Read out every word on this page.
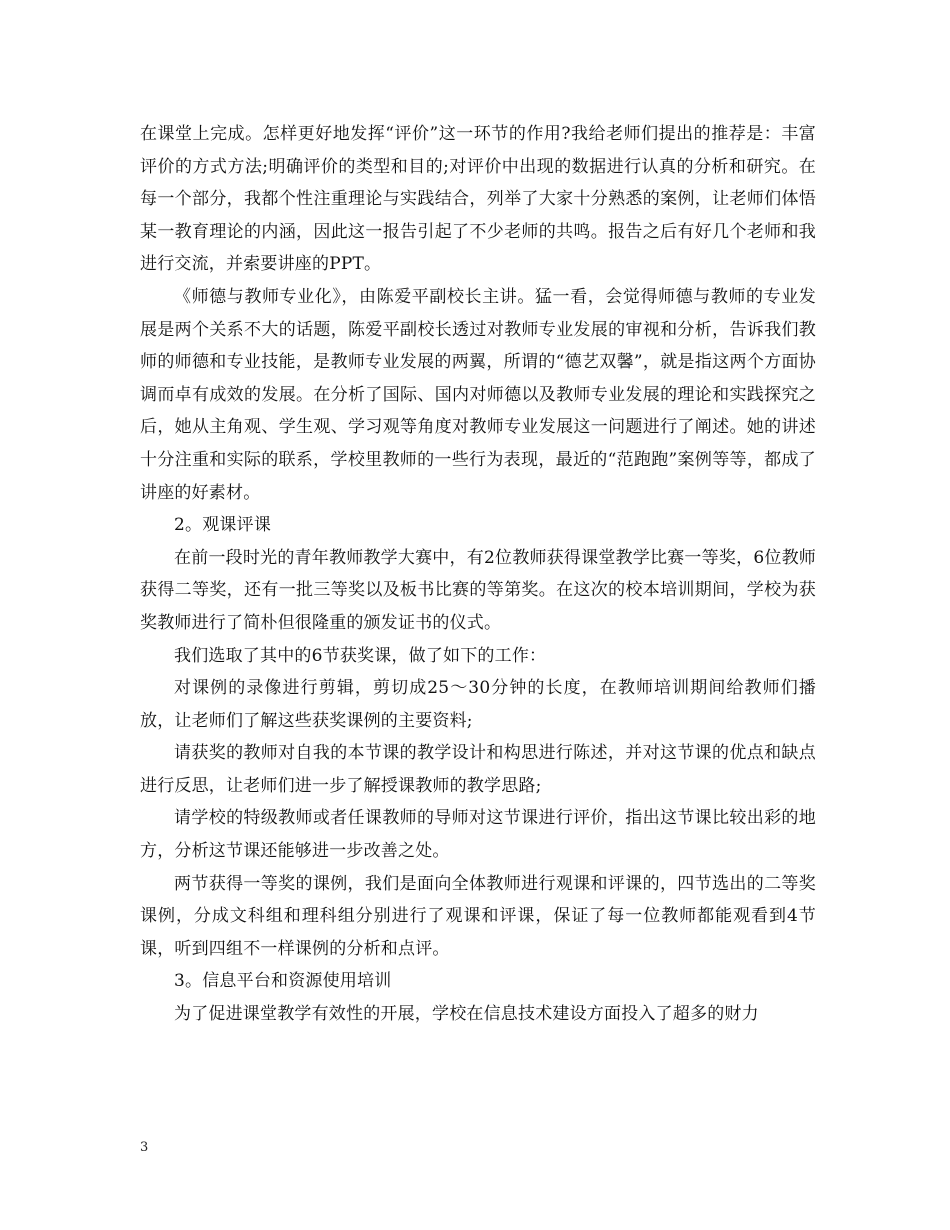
在课堂上完成。怎样更好地发挥“评价”这一环节的作用?我给老师们提出的推荐是：丰富评价的方式方法;明确评价的类型和目的;对评价中出现的数据进行认真的分析和研究。在每一个部分，我都个性注重理论与实践结合，列举了大家十分熟悉的案例，让老师们体悟某一教育理论的内涵，因此这一报告引起了不少老师的共鸣。报告之后有好几个老师和我进行交流，并索要讲座的PPT。

《师德与教师专业化》，由陈爱平副校长主讲。猛一看，会觉得师德与教师的专业发展是两个关系不大的话题，陈爱平副校长透过对教师专业发展的审视和分析，告诉我们教师的师德和专业技能，是教师专业发展的两翼，所谓的“德艺双馨”，就是指这两个方面协调而卓有成效的发展。在分析了国际、国内对师德以及教师专业发展的理论和实践探究之后，她从主角观、学生观、学习观等角度对教师专业发展这一问题进行了阐述。她的讲述十分注重和实际的联系，学校里教师的一些行为表现，最近的“范跑跑”案例等等，都成了讲座的好素材。

2。观课评课

在前一段时光的青年教师教学大赛中，有2位教师获得课堂教学比赛一等奖，6位教师获得二等奖，还有一批三等奖以及板书比赛的等第奖。在这次的校本培训期间，学校为获奖教师进行了简朴但很隆重的颁发证书的仪式。

我们选取了其中的6节获奖课，做了如下的工作：

对课例的录像进行剪辑，剪切成25～30分钟的长度，在教师培训期间给教师们播放，让老师们了解这些获奖课例的主要资料;

请获奖的教师对自我的本节课的教学设计和构思进行陈述，并对这节课的优点和缺点进行反思，让老师们进一步了解授课教师的教学思路;

请学校的特级教师或者任课教师的导师对这节课进行评价，指出这节课比较出彩的地方，分析这节课还能够进一步改善之处。

两节获得一等奖的课例，我们是面向全体教师进行观课和评课的，四节选出的二等奖课例，分成文科组和理科组分别进行了观课和评课，保证了每一位教师都能观看到4节课，听到四组不一样课例的分析和点评。

3。信息平台和资源使用培训

为了促进课堂教学有效性的开展，学校在信息技术建设方面投入了超多的财力

3
